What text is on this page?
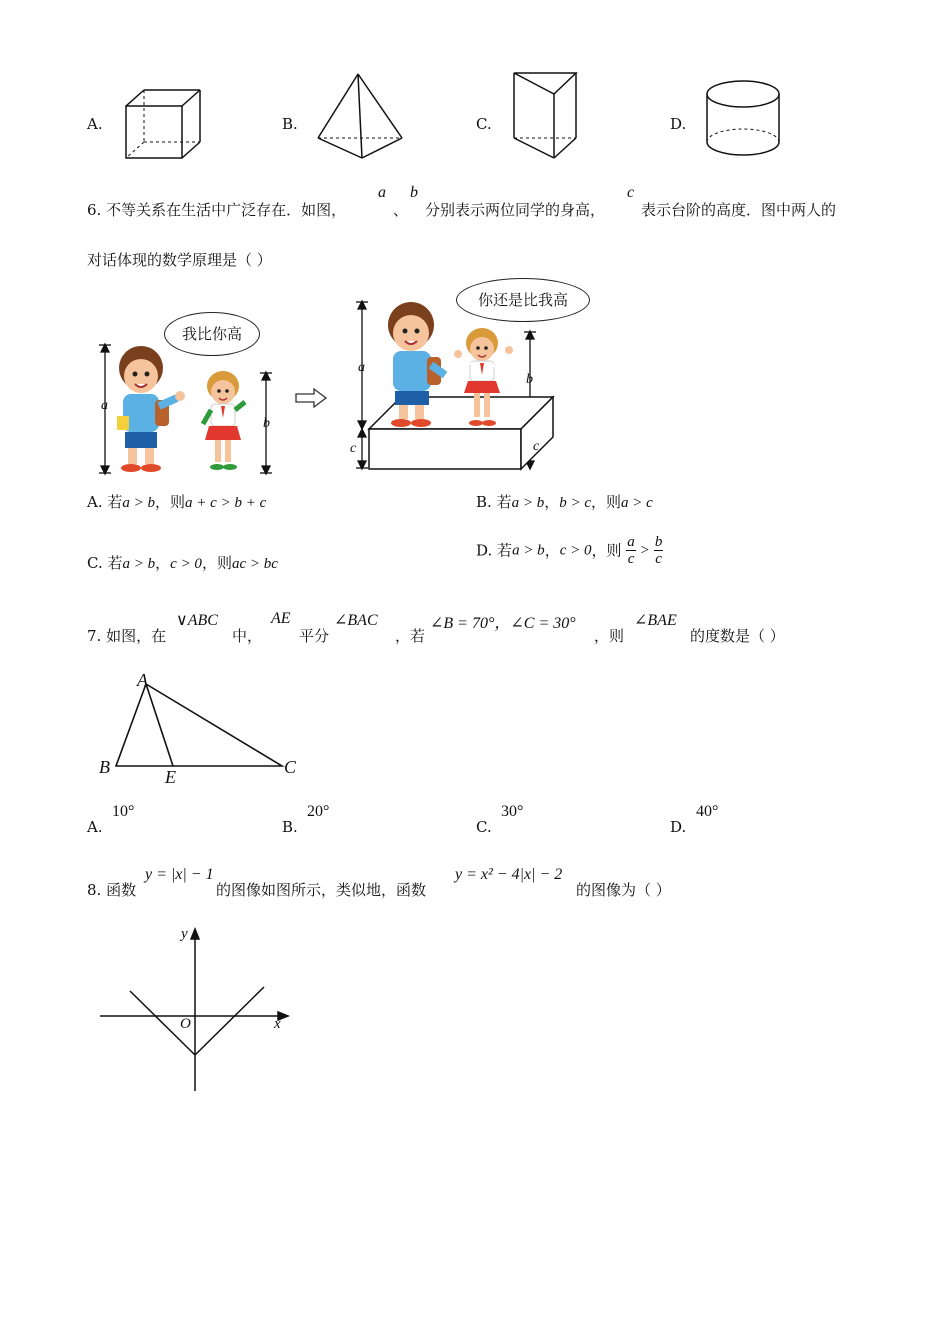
A.	B.	C.	D.
6. 不等关系在生活中广泛存在．如图，
a
、
b
分别表示两位同学的身高，
c
表示台阶的高度．图中两人的
对话体现的数学原理是（ ）
a
b
我比你高
a
b
c	c
你还是比我高
A. 若a > b，则a + c > b + c	B. 若a > b，b > c，则a > c
C. 若a > b，c > 0，则ac > bc
D. 若a > b，c > 0，则 $\frac{a}{c} > \frac{b}{c}$
7. 如图，在
∨ABC
中，
AE
平分
∠BAC
，若
∠B = 70°，∠C = 30°
，则
∠BAE
的度数是（ ）
A
B	E	C
A.
10°
B.
20°
C.
30°
D.
40°
8. 函数
y = |x| − 1
的图像如图所示，类似地，函数
y = x² − 4|x| − 2
的图像为（ ）
x
y
O
